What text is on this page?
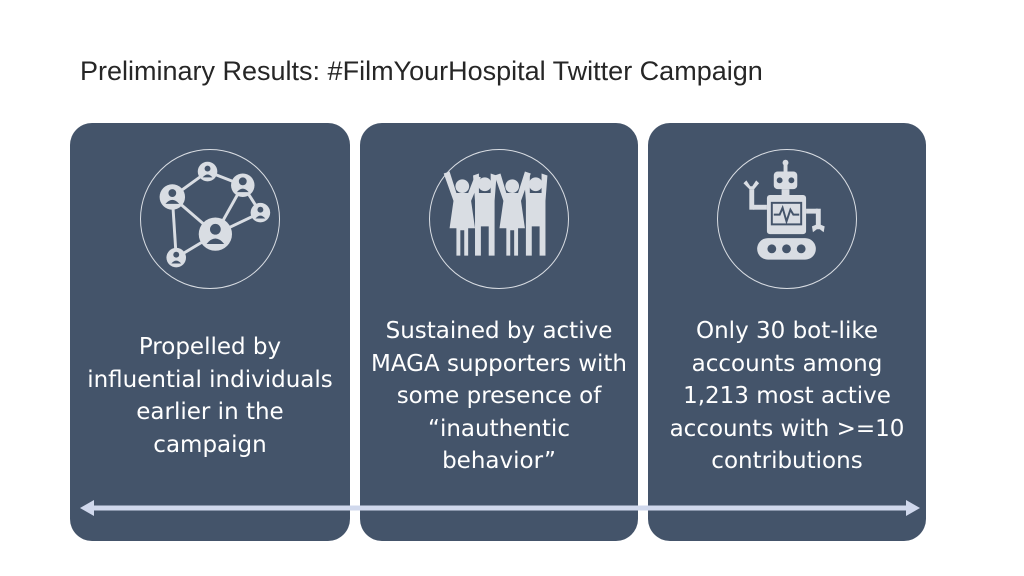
Preliminary Results: #FilmYourHospital Twitter Campaign
Propelled by influential individuals earlier in the campaign
Sustained by active MAGA supporters with some presence of “inauthentic behavior”
Only 30 bot-like accounts among 1,213 most active accounts with >=10 contributions
